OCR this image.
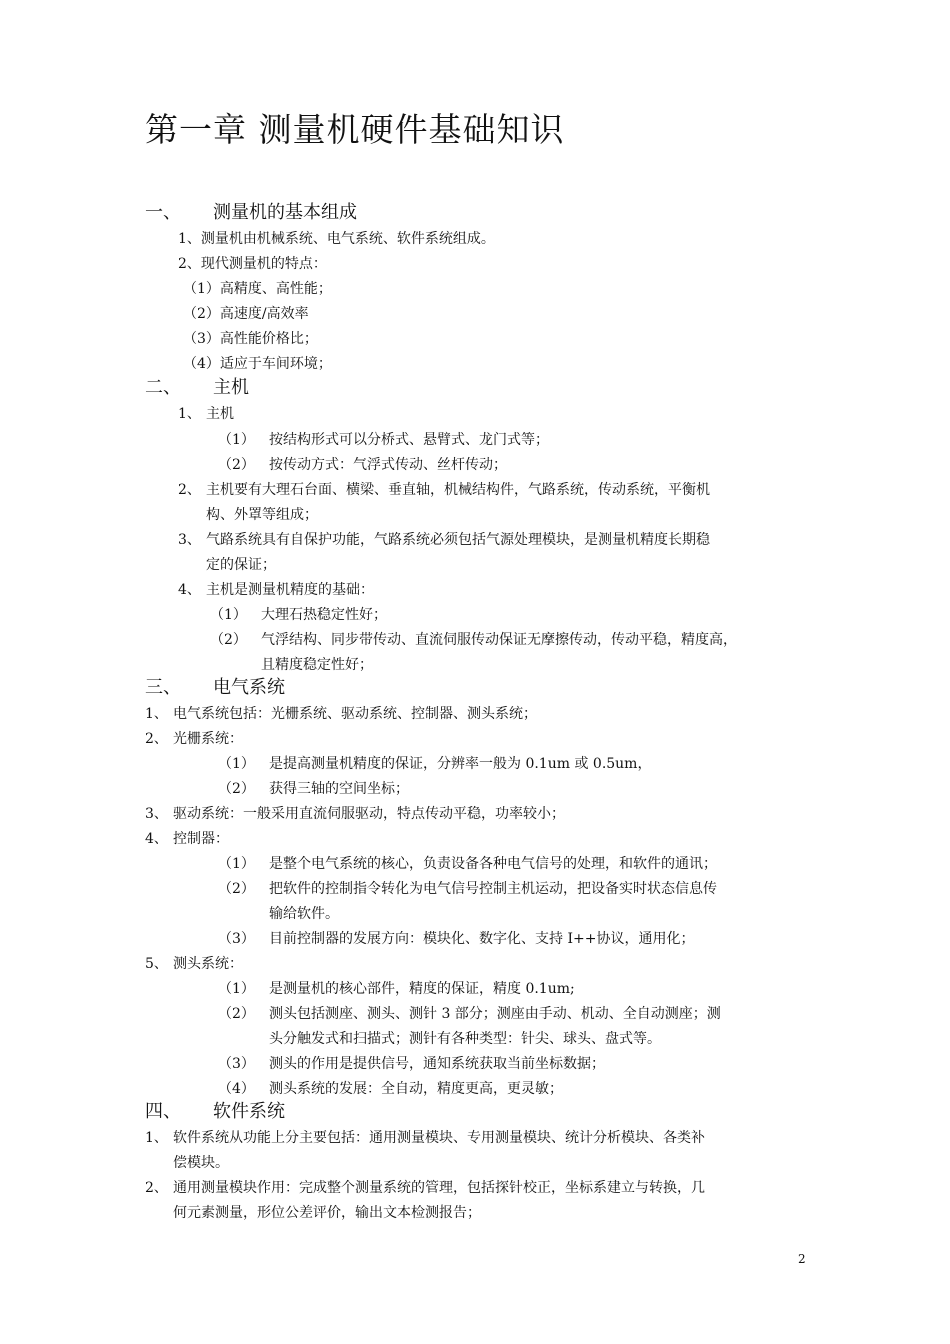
第一章 测量机硬件基础知识
一、 测量机的基本组成
1、测量机由机械系统、电气系统、软件系统组成。
2、现代测量机的特点：
（1）高精度、高性能；
（2）高速度/高效率
（3）高性能价格比；
（4）适应于车间环境；
二、 主机
1、 主机
（1） 按结构形式可以分桥式、悬臂式、龙门式等；
（2） 按传动方式：气浮式传动、丝杆传动；
2、 主机要有大理石台面、横梁、垂直轴，机械结构件，气路系统，传动系统，平衡机
构、外罩等组成；
3、 气路系统具有自保护功能，气路系统必须包括气源处理模块，是测量机精度长期稳
定的保证；
4、 主机是测量机精度的基础：
（1） 大理石热稳定性好；
（2） 气浮结构、同步带传动、直流伺服传动保证无摩擦传动，传动平稳，精度高，
且精度稳定性好；
三、 电气系统
1、 电气系统包括：光栅系统、驱动系统、控制器、测头系统；
2、 光栅系统：
（1） 是提高测量机精度的保证，分辨率一般为 0.1um 或 0.5um，
（2） 获得三轴的空间坐标；
3、 驱动系统：一般采用直流伺服驱动，特点传动平稳，功率较小；
4、 控制器：
（1） 是整个电气系统的核心，负责设备各种电气信号的处理，和软件的通讯；
（2） 把软件的控制指令转化为电气信号控制主机运动，把设备实时状态信息传
输给软件。
（3） 目前控制器的发展方向：模块化、数字化、支持 I++协议，通用化；
5、 测头系统：
（1） 是测量机的核心部件，精度的保证，精度 0.1um;
（2） 测头包括测座、测头、测针 3 部分；测座由手动、机动、全自动测座；测
头分触发式和扫描式；测针有各种类型：针尖、球头、盘式等。
（3） 测头的作用是提供信号，通知系统获取当前坐标数据；
（4） 测头系统的发展：全自动，精度更高，更灵敏；
四、 软件系统
1、 软件系统从功能上分主要包括：通用测量模块、专用测量模块、统计分析模块、各类补
偿模块。
2、 通用测量模块作用：完成整个测量系统的管理，包括探针校正，坐标系建立与转换，几
何元素测量，形位公差评价，输出文本检测报告；
2
